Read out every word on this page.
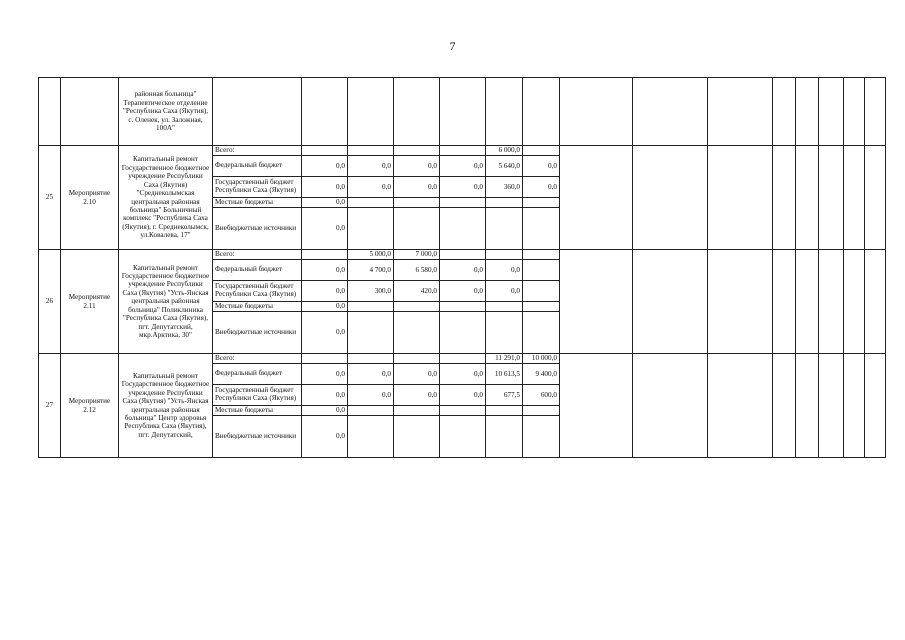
7
		районная больница" Терапевтическое отделение "Республика Саха (Якутия), с. Оленек, ул. Заложная, 100А"															
25	Мероприятие 2.10	Капитальный ремонт Государственное бюджетное учреждение Республики Саха (Якутия) "Среднеколымская центральная районная больница" Больничный комплекс "Республика Саха (Якутия), г. Среднеколымск, ул.Ковалева, 17"	Всего:					6 000,0									
			Федеральный бюджет	0,0	0,0	0,0	0,0	5 640,0	0,0								
			Государственный бюджет Республики Саха (Якутия)	0,0	0,0	0,0	0,0	360,0	0,0								
			Местные бюджеты	0,0													
			Внебюджетные источники	0,0													
26	Мероприятие 2.11	Капитальный ремонт Государственное бюджетное учреждение Республики Саха (Якутия) "Усть-Янская центральная районная больница" Поликлиника "Республика Саха (Якутия), пгт. Депутатский, мкр.Арктика, 30"	Всего:		5 000,0	7 000,0											
			Федеральный бюджет	0,0	4 700,0	6 580,0	0,0	0,0									
			Государственный бюджет Республики Саха (Якутия)	0,0	300,0	420,0	0,0	0,0									
			Местные бюджеты	0,0													
			Внебюджетные источники	0,0													
27	Мероприятие 2.12	Капитальный ремонт Государственное бюджетное учреждение Республики Саха (Якутия) "Усть-Янская центральная районная больница" Центр здоровья Республика Саха (Якутия), пгт. Депутатский,	Всего:					11 291,0	10 000,0								
			Федеральный бюджет	0,0	0,0	0,0	0,0	10 613,5	9 400,0								
			Государственный бюджет Республики Саха (Якутия)	0,0	0,0	0,0	0,0	677,5	600,0								
			Местные бюджеты	0,0													
			Внебюджетные источники	0,0													
